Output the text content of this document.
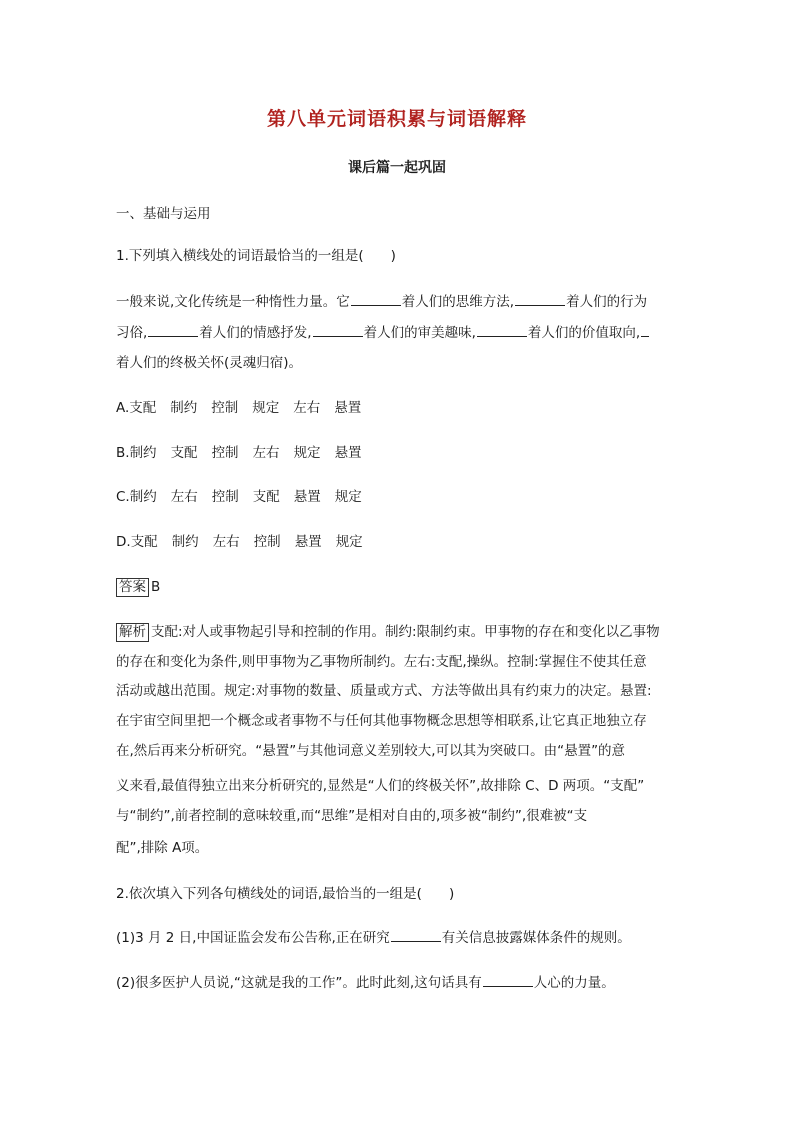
第八单元词语积累与词语解释
课后篇一起巩固
一、基础与运用
1.下列填入横线处的词语最恰当的一组是(　　)
一般来说,文化传统是一种惰性力量。它	着人们的思维方法,	着人们的行为
习俗,	着人们的情感抒发,	着人们的审美趣味,	着人们的价值取向,
着人们的终极关怀(灵魂归宿)。
A.支配 制约 控制 规定 左右 悬置
B.制约 支配 控制 左右 规定 悬置
C.制约 左右 控制 支配 悬置 规定
D.支配 制约 左右 控制 悬置 规定
答案 B
解析 支配:对人或事物起引导和控制的作用。制约:限制约束。甲事物的存在和变化以乙事物
的存在和变化为条件,则甲事物为乙事物所制约。左右:支配,操纵。控制:掌握住不使其任意
活动或越出范围。规定:对事物的数量、质量或方式、方法等做出具有约束力的决定。悬置:
在宇宙空间里把一个概念或者事物不与任何其他事物概念思想等相联系,让它真正地独立存
在,然后再来分析研究。“悬置”与其他词意义差别较大,可以其为突破口。由“悬置”的意
义来看,最值得独立出来分析研究的,显然是“人们的终极关怀”,故排除 C、D 两项。“支配”
与“制约”,前者控制的意味较重,而“思维”是相对自由的,项多被“制约”,很难被“支
配”,排除 A项。
2.依次填入下列各句横线处的词语,最恰当的一组是(　　)
(1)3 月 2 日,中国证监会发布公告称,正在研究	有关信息披露媒体条件的规则。
(2)很多医护人员说,“这就是我的工作”。此时此刻,这句话具有	人心的力量。
